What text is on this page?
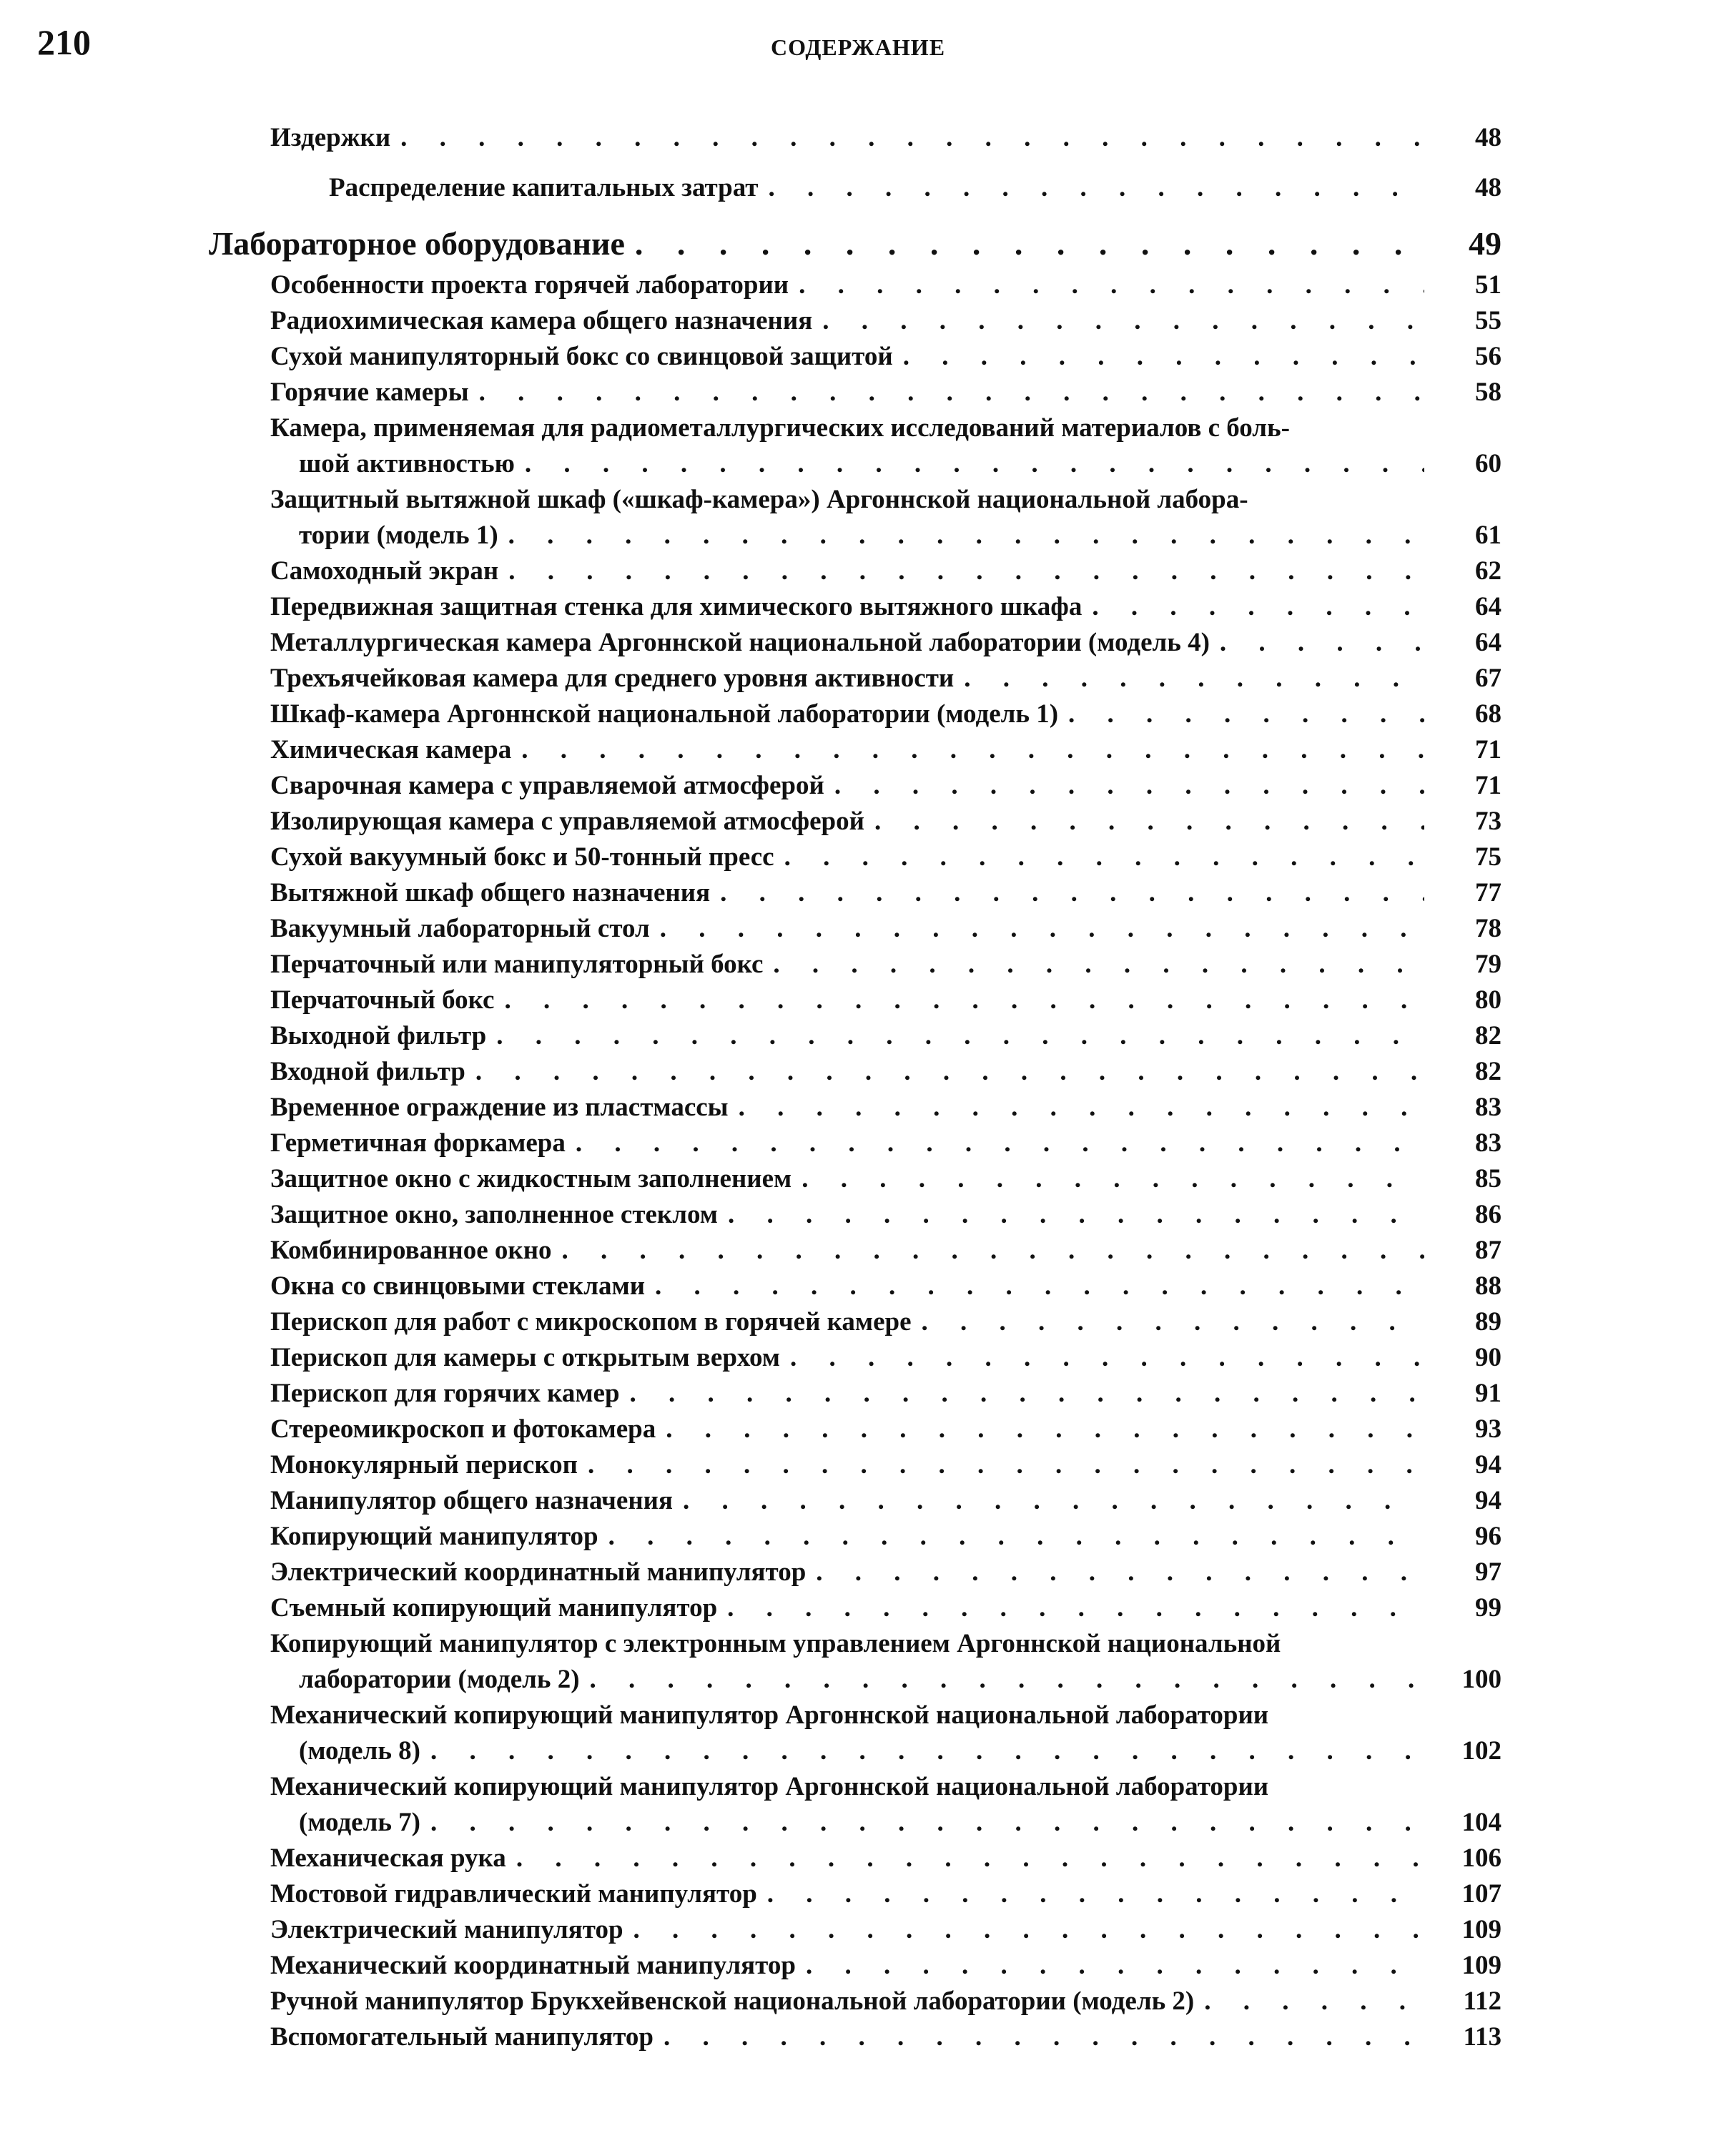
210	СОДЕРЖАНИЕ
Издержки . . .	48
Распределение капитальных затрат . . .	48
Лабораторное оборудование . . .	49
Особенности проекта горячей лаборатории . . .	51
Радиохимическая камера общего назначения . . .	55
Сухой манипуляторный бокс со свинцовой защитой . . .	56
Горячие камеры . . .	58
Камера, применяемая для радиометаллургических исследований материалов с боль-
шой активностью . . .	60
Защитный вытяжной шкаф («шкаф-камера») Аргоннской национальной лабора-
тории (модель 1) . . .	61
Самоходный экран . . .	62
Передвижная защитная стенка для химического вытяжного шкафа . . .	64
Металлургическая камера Аргоннской национальной лаборатории (модель 4) . . .	64
Трехъячейковая камера для среднего уровня активности . . .	67
Шкаф-камера Аргоннской национальной лаборатории (модель 1) . . .	68
Химическая камера . . .	71
Сварочная камера с управляемой атмосферой . . .	71
Изолирующая камера с управляемой атмосферой . . .	73
Сухой вакуумный бокс и 50-тонный пресс . . .	75
Вытяжной шкаф общего назначения . . .	77
Вакуумный лабораторный стол . . .	78
Перчаточный или манипуляторный бокс . . .	79
Перчаточный бокс . . .	80
Выходной фильтр . . .	82
Входной фильтр . . .	82
Временное ограждение из пластмассы . . .	83
Герметичная форкамера . . .	83
Защитное окно с жидкостным заполнением . . .	85
Защитное окно, заполненное стеклом . . .	86
Комбинированное окно . . .	87
Окна со свинцовыми стеклами . . .	88
Перископ для работ с микроскопом в горячей камере . . .	89
Перископ для камеры с открытым верхом . . .	90
Перископ для горячих камер . . .	91
Стереомикроскоп и фотокамера . . .	93
Монокулярный перископ . . .	94
Манипулятор общего назначения . . .	94
Копирующий манипулятор . . .	96
Электрический координатный манипулятор . . .	97
Съемный копирующий манипулятор . . .	99
Копирующий манипулятор с электронным управлением Аргоннской национальной
лаборатории (модель 2) . . .	100
Механический копирующий манипулятор Аргоннской национальной лаборатории
(модель 8) . . .	102
Механический копирующий манипулятор Аргоннской национальной лаборатории
(модель 7) . . .	104
Механическая рука . . .	106
Мостовой гидравлический манипулятор . . .	107
Электрический манипулятор . . .	109
Механический координатный манипулятор . . .	109
Ручной манипулятор Брукхейвенской национальной лаборатории (модель 2) . . .	112
Вспомогательный манипулятор . . .	113
